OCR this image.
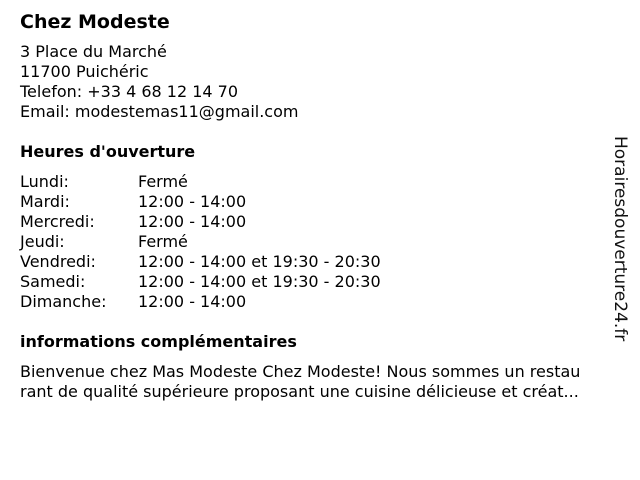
Chez Modeste
3 Place du Marché
11700 Puichéric
Telefon: +33 4 68 12 14 70
Email: modestemas11@gmail.com
Heures d'ouverture
Lundi:	Fermé
Mardi:	12:00 - 14:00
Mercredi:	12:00 - 14:00
Jeudi:	Fermé
Vendredi:	12:00 - 14:00 et 19:30 - 20:30
Samedi:	12:00 - 14:00 et 19:30 - 20:30
Dimanche:	12:00 - 14:00
informations complémentaires
Bienvenue chez Mas Modeste Chez Modeste! Nous sommes un restau
rant de qualité supérieure proposant une cuisine délicieuse et créat...
Horairesdouverture24.fr
